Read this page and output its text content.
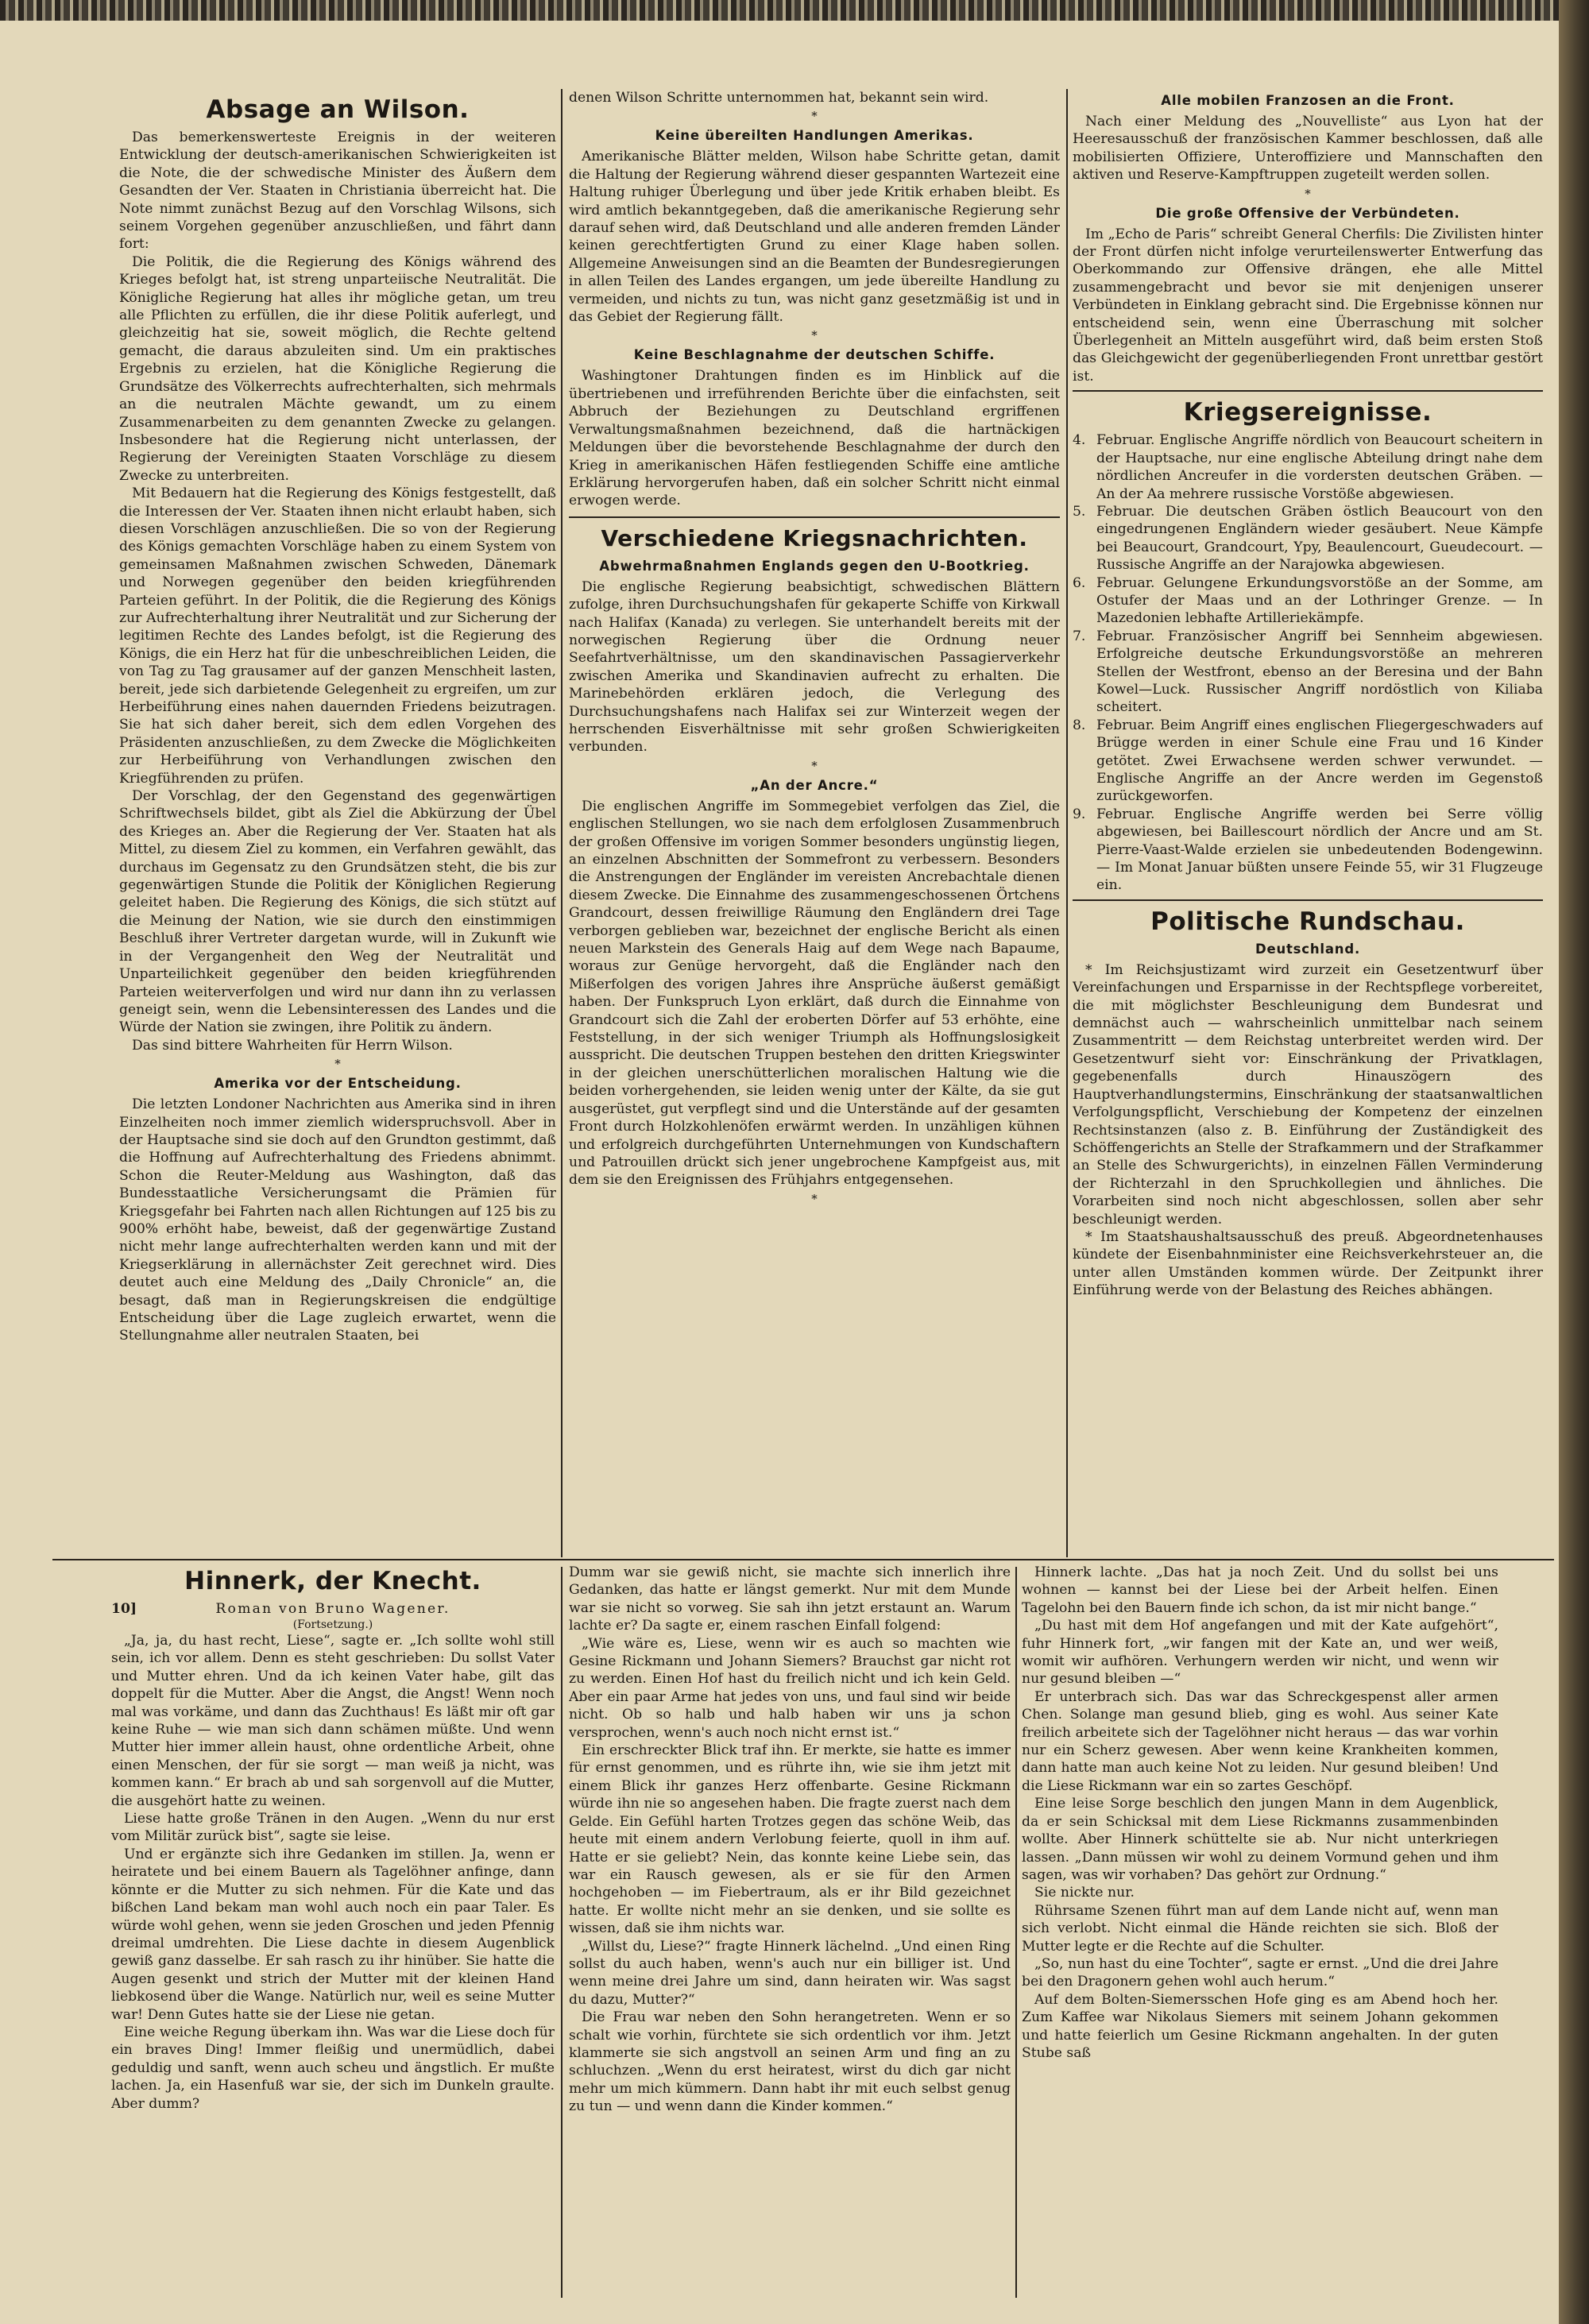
Absage an Wilson.

Das bemerkenswerteste Ereignis in der weiteren Entwicklung der deutsch-amerikanischen Schwierigkeiten ist die Note, die der schwedische Minister des Äußern dem Gesandten der Ver. Staaten in Christiania überreicht hat. Die Note nimmt zunächst Bezug auf den Vorschlag Wilsons, sich seinem Vorgehen gegenüber anzuschließen, und fährt dann fort:

Die Politik, die die Regierung des Königs während des Krieges befolgt hat, ist streng unparteiische Neutralität. Die Königliche Regierung hat alles ihr mögliche getan, um treu alle Pflichten zu erfüllen, die ihr diese Politik auferlegt, und gleichzeitig hat sie, soweit möglich, die Rechte geltend gemacht, die daraus abzuleiten sind. Um ein praktisches Ergebnis zu erzielen, hat die Königliche Regierung die Grundsätze des Völkerrechts aufrechterhalten, sich mehrmals an die neutralen Mächte gewandt, um zu einem Zusammenarbeiten zu dem genannten Zwecke zu gelangen. Insbesondere hat die Regierung nicht unterlassen, der Regierung der Vereinigten Staaten Vorschläge zu diesem Zwecke zu unterbreiten.

Mit Bedauern hat die Regierung des Königs festgestellt, daß die Interessen der Ver. Staaten ihnen nicht erlaubt haben, sich diesen Vorschlägen anzuschließen. Die so von der Regierung des Königs gemachten Vorschläge haben zu einem System von gemeinsamen Maßnahmen zwischen Schweden, Dänemark und Norwegen gegenüber den beiden kriegführenden Parteien geführt. In der Politik, die die Regierung des Königs zur Aufrechterhaltung ihrer Neutralität und zur Sicherung der legitimen Rechte des Landes befolgt, ist die Regierung des Königs, die ein Herz hat für die unbeschreiblichen Leiden, die von Tag zu Tag grausamer auf der ganzen Menschheit lasten, bereit, jede sich darbietende Gelegenheit zu ergreifen, um zur Herbeiführung eines nahen dauernden Friedens beizutragen. Sie hat sich daher bereit, sich dem edlen Vorgehen des Präsidenten anzuschließen, zu dem Zwecke die Möglichkeiten zur Herbeiführung von Verhandlungen zwischen den Kriegführenden zu prüfen.

Der Vorschlag, der den Gegenstand des gegenwärtigen Schriftwechsels bildet, gibt als Ziel die Abkürzung der Übel des Krieges an. Aber die Regierung der Ver. Staaten hat als Mittel, zu diesem Ziel zu kommen, ein Verfahren gewählt, das durchaus im Gegensatz zu den Grundsätzen steht, die bis zur gegenwärtigen Stunde die Politik der Königlichen Regierung geleitet haben. Die Regierung des Königs, die sich stützt auf die Meinung der Nation, wie sie durch den einstimmigen Beschluß ihrer Vertreter dargetan wurde, will in Zukunft wie in der Vergangenheit den Weg der Neutralität und Unparteilichkeit gegenüber den beiden kriegführenden Parteien weiterverfolgen und wird nur dann ihn zu verlassen geneigt sein, wenn die Lebensinteressen des Landes und die Würde der Nation sie zwingen, ihre Politik zu ändern.

Das sind bittere Wahrheiten für Herrn Wilson.

*
Amerika vor der Entscheidung.

Die letzten Londoner Nachrichten aus Amerika sind in ihren Einzelheiten noch immer ziemlich widerspruchsvoll. Aber in der Hauptsache sind sie doch auf den Grundton gestimmt, daß die Hoffnung auf Aufrechterhaltung des Friedens abnimmt. Schon die Reuter-Meldung aus Washington, daß das Bundesstaatliche Versicherungsamt die Prämien für Kriegsgefahr bei Fahrten nach allen Richtungen auf 125 bis zu 900% erhöht habe, beweist, daß der gegenwärtige Zustand nicht mehr lange aufrechterhalten werden kann und mit der Kriegserklärung in allernächster Zeit gerechnet wird. Dies deutet auch eine Meldung des „Daily Chronicle“ an, die besagt, daß man in Regierungskreisen die endgültige Entscheidung über die Lage zugleich erwartet, wenn die Stellungnahme aller neutralen Staaten, bei

denen Wilson Schritte unternommen hat, bekannt sein wird.

*
Keine übereilten Handlungen Amerikas.

Amerikanische Blätter melden, Wilson habe Schritte getan, damit die Haltung der Regierung während dieser gespannten Wartezeit eine Haltung ruhiger Überlegung und über jede Kritik erhaben bleibt. Es wird amtlich bekanntgegeben, daß die amerikanische Regierung sehr darauf sehen wird, daß Deutschland und alle anderen fremden Länder keinen gerechtfertigten Grund zu einer Klage haben sollen. Allgemeine Anweisungen sind an die Beamten der Bundesregierungen in allen Teilen des Landes ergangen, um jede übereilte Handlung zu vermeiden, und nichts zu tun, was nicht ganz gesetzmäßig ist und in das Gebiet der Regierung fällt.

*
Keine Beschlagnahme der deutschen Schiffe.

Washingtoner Drahtungen finden es im Hinblick auf die übertriebenen und irreführenden Berichte über die einfachsten, seit Abbruch der Beziehungen zu Deutschland ergriffenen Verwaltungsmaßnahmen bezeichnend, daß die hartnäckigen Meldungen über die bevorstehende Beschlagnahme der durch den Krieg in amerikanischen Häfen festliegenden Schiffe eine amtliche Erklärung hervorgerufen haben, daß ein solcher Schritt nicht einmal erwogen werde.

Verschiedene Kriegsnachrichten.
Abwehrmaßnahmen Englands gegen den U-Bootkrieg.

Die englische Regierung beabsichtigt, schwedischen Blättern zufolge, ihren Durchsuchungshafen für gekaperte Schiffe von Kirkwall nach Halifax (Kanada) zu verlegen. Sie unterhandelt bereits mit der norwegischen Regierung über die Ordnung neuer Seefahrtverhältnisse, um den skandinavischen Passagierverkehr zwischen Amerika und Skandinavien aufrecht zu erhalten. Die Marinebehörden erklären jedoch, die Verlegung des Durchsuchungshafens nach Halifax sei zur Winterzeit wegen der herrschenden Eisverhältnisse mit sehr großen Schwierigkeiten verbunden.

*
„An der Ancre.“

Die englischen Angriffe im Sommegebiet verfolgen das Ziel, die englischen Stellungen, wo sie nach dem erfolglosen Zusammenbruch der großen Offensive im vorigen Sommer besonders ungünstig liegen, an einzelnen Abschnitten der Sommefront zu verbessern. Besonders die Anstrengungen der Engländer im vereisten Ancrebachtale dienen diesem Zwecke. Die Einnahme des zusammengeschossenen Örtchens Grandcourt, dessen freiwillige Räumung den Engländern drei Tage verborgen geblieben war, bezeichnet der englische Bericht als einen neuen Markstein des Generals Haig auf dem Wege nach Bapaume, woraus zur Genüge hervorgeht, daß die Engländer nach den Mißerfolgen des vorigen Jahres ihre Ansprüche äußerst gemäßigt haben. Der Funkspruch Lyon erklärt, daß durch die Einnahme von Grandcourt sich die Zahl der eroberten Dörfer auf 53 erhöhte, eine Feststellung, in der sich weniger Triumph als Hoffnungslosigkeit ausspricht. Die deutschen Truppen bestehen den dritten Kriegswinter in der gleichen unerschütterlichen moralischen Haltung wie die beiden vorhergehenden, sie leiden wenig unter der Kälte, da sie gut ausgerüstet, gut verpflegt sind und die Unterstände auf der gesamten Front durch Holzkohlenöfen erwärmt werden. In unzähligen kühnen und erfolgreich durchgeführten Unternehmungen von Kundschaftern und Patrouillen drückt sich jener ungebrochene Kampfgeist aus, mit dem sie den Ereignissen des Frühjahrs entgegensehen.

*
Alle mobilen Franzosen an die Front.

Nach einer Meldung des „Nouvelliste“ aus Lyon hat der Heeresausschuß der französischen Kammer beschlossen, daß alle mobilisierten Offiziere, Unteroffiziere und Mannschaften den aktiven und Reserve-Kampftruppen zugeteilt werden sollen.

*
Die große Offensive der Verbündeten.

Im „Echo de Paris“ schreibt General Cherfils: Die Zivilisten hinter der Front dürfen nicht infolge verurteilenswerter Entwerfung das Oberkommando zur Offensive drängen, ehe alle Mittel zusammengebracht und bevor sie mit denjenigen unserer Verbündeten in Einklang gebracht sind. Die Ergebnisse können nur entscheidend sein, wenn eine Überraschung mit solcher Überlegenheit an Mitteln ausgeführt wird, daß beim ersten Stoß das Gleichgewicht der gegenüberliegenden Front unrettbar gestört ist.

Kriegsereignisse.

4. Februar. Englische Angriffe nördlich von Beaucourt scheitern in der Hauptsache, nur eine englische Abteilung dringt nahe dem nördlichen Ancreufer in die vordersten deutschen Gräben. — An der Aa mehrere russische Vorstöße abgewiesen.

5. Februar. Die deutschen Gräben östlich Beaucourt von den eingedrungenen Engländern wieder gesäubert. Neue Kämpfe bei Beaucourt, Grandcourt, Ypy, Beaulencourt, Gueudecourt. — Russische Angriffe an der Narajowka abgewiesen.

6. Februar. Gelungene Erkundungsvorstöße an der Somme, am Ostufer der Maas und an der Lothringer Grenze. — In Mazedonien lebhafte Artilleriekämpfe.

7. Februar. Französischer Angriff bei Sennheim abgewiesen. Erfolgreiche deutsche Erkundungsvorstöße an mehreren Stellen der Westfront, ebenso an der Beresina und der Bahn Kowel—Luck. Russischer Angriff nordöstlich von Kiliaba scheitert.

8. Februar. Beim Angriff eines englischen Fliegergeschwaders auf Brügge werden in einer Schule eine Frau und 16 Kinder getötet. Zwei Erwachsene werden schwer verwundet. — Englische Angriffe an der Ancre werden im Gegenstoß zurückgeworfen.

9. Februar. Englische Angriffe werden bei Serre völlig abgewiesen, bei Baillescourt nördlich der Ancre und am St. Pierre-Vaast-Walde erzielen sie unbedeutenden Bodengewinn. — Im Monat Januar büßten unsere Feinde 55, wir 31 Flugzeuge ein.

Politische Rundschau.
Deutschland.

* Im Reichsjustizamt wird zurzeit ein Gesetzentwurf über Vereinfachungen und Ersparnisse in der Rechtspflege vorbereitet, die mit möglichster Beschleunigung dem Bundesrat und demnächst auch — wahrscheinlich unmittelbar nach seinem Zusammentritt — dem Reichstag unterbreitet werden wird. Der Gesetzentwurf sieht vor: Einschränkung der Privatklagen, gegebenenfalls durch Hinauszögern des Hauptverhandlungstermins, Einschränkung der staatsanwaltlichen Verfolgungspflicht, Verschiebung der Kompetenz der einzelnen Rechtsinstanzen (also z. B. Einführung der Zuständigkeit des Schöffengerichts an Stelle der Strafkammern und der Strafkammer an Stelle des Schwurgerichts), in einzelnen Fällen Verminderung der Richterzahl in den Spruchkollegien und ähnliches. Die Vorarbeiten sind noch nicht abgeschlossen, sollen aber sehr beschleunigt werden.

* Im Staatshaushaltsausschuß des preuß. Abgeordnetenhauses kündete der Eisenbahnminister eine Reichsverkehrsteuer an, die unter allen Umständen kommen würde. Der Zeitpunkt ihrer Einführung werde von der Belastung des Reiches abhängen.

Hinnerk, der Knecht.
10]	Roman von Bruno Wagener.
(Fortsetzung.)

„Ja, ja, du hast recht, Liese“, sagte er. „Ich sollte wohl still sein, ich vor allem. Denn es steht geschrieben: Du sollst Vater und Mutter ehren. Und da ich keinen Vater habe, gilt das doppelt für die Mutter. Aber die Angst, die Angst! Wenn noch mal was vorkäme, und dann das Zuchthaus! Es läßt mir oft gar keine Ruhe — wie man sich dann schämen müßte. Und wenn Mutter hier immer allein haust, ohne ordentliche Arbeit, ohne einen Menschen, der für sie sorgt — man weiß ja nicht, was kommen kann.“ Er brach ab und sah sorgenvoll auf die Mutter, die ausgehört hatte zu weinen.

Liese hatte große Tränen in den Augen. „Wenn du nur erst vom Militär zurück bist“, sagte sie leise.

Und er ergänzte sich ihre Gedanken im stillen. Ja, wenn er heiratete und bei einem Bauern als Tagelöhner anfinge, dann könnte er die Mutter zu sich nehmen. Für die Kate und das bißchen Land bekam man wohl auch noch ein paar Taler. Es würde wohl gehen, wenn sie jeden Groschen und jeden Pfennig dreimal umdrehten. Die Liese dachte in diesem Augenblick gewiß ganz dasselbe. Er sah rasch zu ihr hinüber. Sie hatte die Augen gesenkt und strich der Mutter mit der kleinen Hand liebkosend über die Wange. Natürlich nur, weil es seine Mutter war! Denn Gutes hatte sie der Liese nie getan.

Eine weiche Regung überkam ihn. Was war die Liese doch für ein braves Ding! Immer fleißig und unermüdlich, dabei geduldig und sanft, wenn auch scheu und ängstlich. Er mußte lachen. Ja, ein Hasenfuß war sie, der sich im Dunkeln graulte. Aber dumm?

Dumm war sie gewiß nicht, sie machte sich innerlich ihre Gedanken, das hatte er längst gemerkt. Nur mit dem Munde war sie nicht so vorweg. Sie sah ihn jetzt erstaunt an. Warum lachte er? Da sagte er, einem raschen Einfall folgend:

„Wie wäre es, Liese, wenn wir es auch so machten wie Gesine Rickmann und Johann Siemers? Brauchst gar nicht rot zu werden. Einen Hof hast du freilich nicht und ich kein Geld. Aber ein paar Arme hat jedes von uns, und faul sind wir beide nicht. Ob so halb und halb haben wir uns ja schon versprochen, wenn's auch noch nicht ernst ist.“

Ein erschreckter Blick traf ihn. Er merkte, sie hatte es immer für ernst genommen, und es rührte ihn, wie sie ihm jetzt mit einem Blick ihr ganzes Herz offenbarte. Gesine Rickmann würde ihn nie so angesehen haben. Die fragte zuerst nach dem Gelde. Ein Gefühl harten Trotzes gegen das schöne Weib, das heute mit einem andern Verlobung feierte, quoll in ihm auf. Hatte er sie geliebt? Nein, das konnte keine Liebe sein, das war ein Rausch gewesen, als er sie für den Armen hochgehoben — im Fiebertraum, als er ihr Bild gezeichnet hatte. Er wollte nicht mehr an sie denken, und sie sollte es wissen, daß sie ihm nichts war.

„Willst du, Liese?“ fragte Hinnerk lächelnd. „Und einen Ring sollst du auch haben, wenn's auch nur ein billiger ist. Und wenn meine drei Jahre um sind, dann heiraten wir. Was sagst du dazu, Mutter?“

Die Frau war neben den Sohn herangetreten. Wenn er so schalt wie vorhin, fürchtete sie sich ordentlich vor ihm. Jetzt klammerte sie sich angstvoll an seinen Arm und fing an zu schluchzen. „Wenn du erst heiratest, wirst du dich gar nicht mehr um mich kümmern. Dann habt ihr mit euch selbst genug zu tun — und wenn dann die Kinder kommen.“

Hinnerk lachte. „Das hat ja noch Zeit. Und du sollst bei uns wohnen — kannst bei der Liese bei der Arbeit helfen. Einen Tagelohn bei den Bauern finde ich schon, da ist mir nicht bange.“

„Du hast mit dem Hof angefangen und mit der Kate aufgehört“, fuhr Hinnerk fort, „wir fangen mit der Kate an, und wer weiß, womit wir aufhören. Verhungern werden wir nicht, und wenn wir nur gesund bleiben —“

Er unterbrach sich. Das war das Schreckgespenst aller armen Chen. Solange man gesund blieb, ging es wohl. Aus seiner Kate freilich arbeitete sich der Tagelöhner nicht heraus — das war vorhin nur ein Scherz gewesen. Aber wenn keine Krankheiten kommen, dann hatte man auch keine Not zu leiden. Nur gesund bleiben! Und die Liese Rickmann war ein so zartes Geschöpf.

Eine leise Sorge beschlich den jungen Mann in dem Augenblick, da er sein Schicksal mit dem Liese Rickmanns zusammenbinden wollte. Aber Hinnerk schüttelte sie ab. Nur nicht unterkriegen lassen. „Dann müssen wir wohl zu deinem Vormund gehen und ihm sagen, was wir vorhaben? Das gehört zur Ordnung.“

Sie nickte nur.

Rührsame Szenen führt man auf dem Lande nicht auf, wenn man sich verlobt. Nicht einmal die Hände reichten sie sich. Bloß der Mutter legte er die Rechte auf die Schulter.

„So, nun hast du eine Tochter“, sagte er ernst. „Und die drei Jahre bei den Dragonern gehen wohl auch herum.“

Auf dem Bolten-Siemersschen Hofe ging es am Abend hoch her. Zum Kaffee war Nikolaus Siemers mit seinem Johann gekommen und hatte feierlich um Gesine Rickmann angehalten. In der guten Stube saß
